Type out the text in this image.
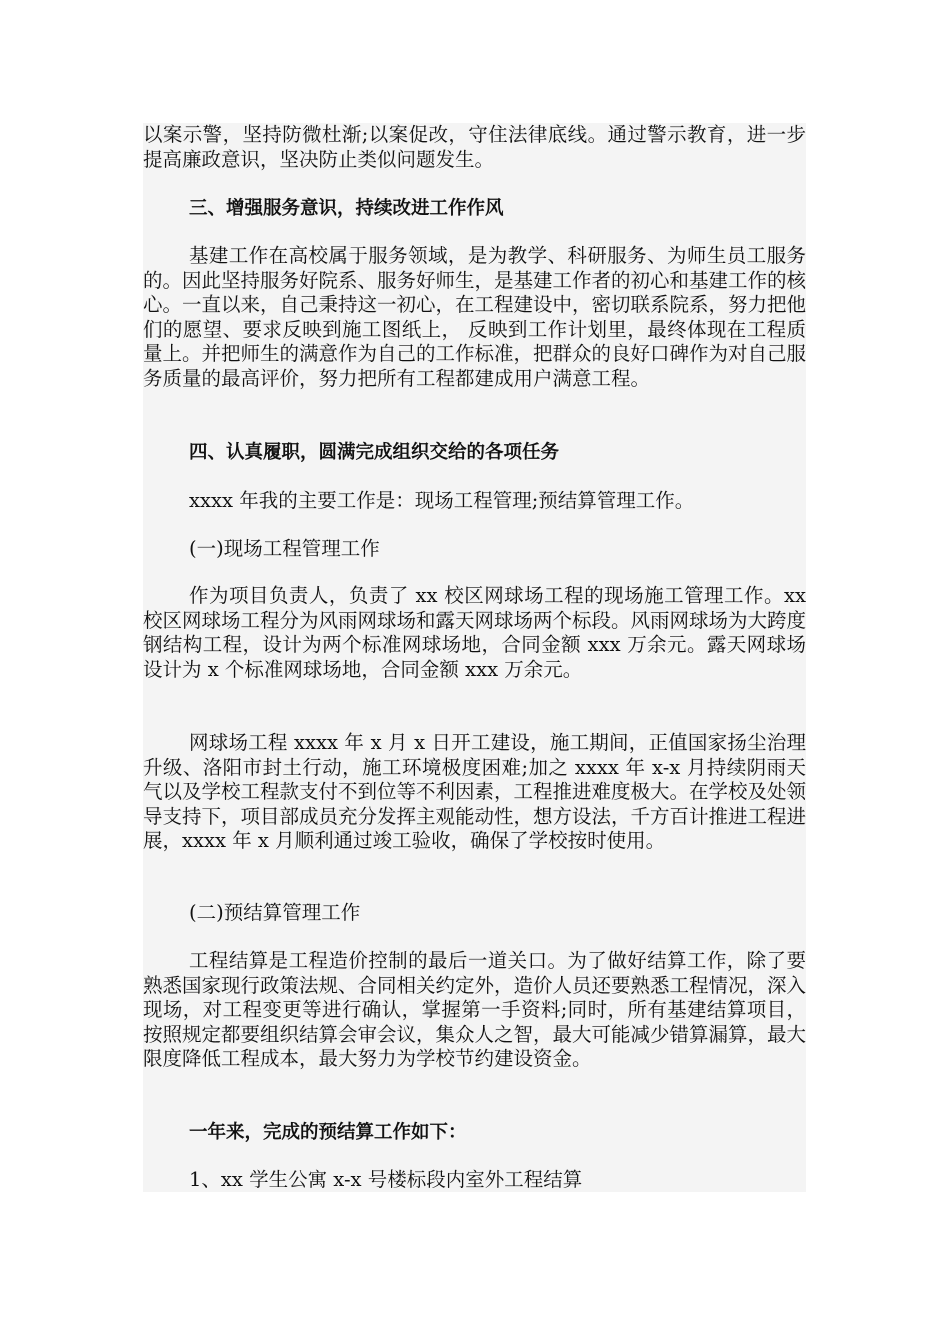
以案示警，坚持防微杜渐;以案促改，守住法律底线。通过警示教育，进一步提高廉政意识，坚决防止类似问题发生。

三、增强服务意识，持续改进工作作风

基建工作在高校属于服务领域，是为教学、科研服务、为师生员工服务的。因此坚持服务好院系、服务好师生，是基建工作者的初心和基建工作的核心。一直以来，自己秉持这一初心，在工程建设中，密切联系院系，努力把他们的愿望、要求反映到施工图纸上， 反映到工作计划里，最终体现在工程质量上。并把师生的满意作为自己的工作标准，把群众的良好口碑作为对自己服务质量的最高评价，努力把所有工程都建成用户满意工程。

四、认真履职，圆满完成组织交给的各项任务

xxxx 年我的主要工作是：现场工程管理;预结算管理工作。

(一)现场工程管理工作

作为项目负责人，负责了 xx 校区网球场工程的现场施工管理工作。xx 校区网球场工程分为风雨网球场和露天网球场两个标段。风雨网球场为大跨度钢结构工程，设计为两个标准网球场地，合同金额 xxx 万余元。露天网球场设计为 x 个标准网球场地，合同金额 xxx 万余元。

网球场工程 xxxx 年 x 月 x 日开工建设，施工期间，正值国家扬尘治理升级、洛阳市封土行动，施工环境极度困难;加之 xxxx 年 x-x 月持续阴雨天气以及学校工程款支付不到位等不利因素，工程推进难度极大。在学校及处领导支持下，项目部成员充分发挥主观能动性，想方设法，千方百计推进工程进展，xxxx 年 x 月顺利通过竣工验收，确保了学校按时使用。

(二)预结算管理工作

工程结算是工程造价控制的最后一道关口。为了做好结算工作，除了要熟悉国家现行政策法规、合同相关约定外，造价人员还要熟悉工程情况，深入现场，对工程变更等进行确认，掌握第一手资料;同时，所有基建结算项目，按照规定都要组织结算会审会议，集众人之智，最大可能减少错算漏算，最大限度降低工程成本，最大努力为学校节约建设资金。

一年来，完成的预结算工作如下：

1、xx 学生公寓 x-x 号楼标段内室外工程结算
